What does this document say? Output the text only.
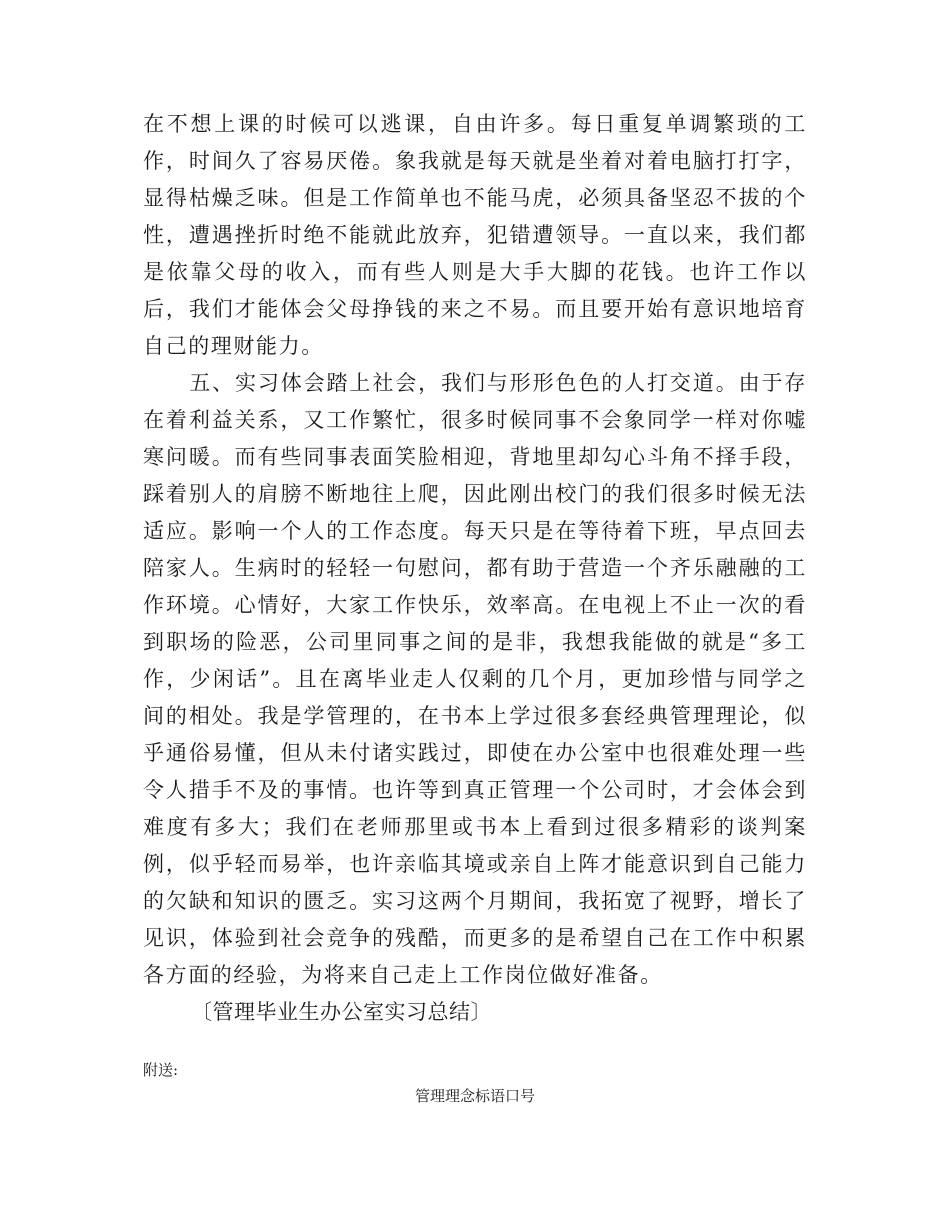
在不想上课的时候可以逃课，自由许多。每日重复单调繁琐的工作，时间久了容易厌倦。象我就是每天就是坐着对着电脑打打字，显得枯燥乏味。但是工作简单也不能马虎，必须具备坚忍不拔的个性，遭遇挫折时绝不能就此放弃，犯错遭领导。一直以来，我们都是依靠父母的收入，而有些人则是大手大脚的花钱。也许工作以后，我们才能体会父母挣钱的来之不易。而且要开始有意识地培育自己的理财能力。

五、实习体会踏上社会，我们与形形色色的人打交道。由于存在着利益关系，又工作繁忙，很多时候同事不会象同学一样对你嘘寒问暖。而有些同事表面笑脸相迎，背地里却勾心斗角不择手段，踩着别人的肩膀不断地往上爬，因此刚出校门的我们很多时候无法适应。影响一个人的工作态度。每天只是在等待着下班，早点回去陪家人。生病时的轻轻一句慰问，都有助于营造一个齐乐融融的工作环境。心情好，大家工作快乐，效率高。在电视上不止一次的看到职场的险恶，公司里同事之间的是非，我想我能做的就是“多工作，少闲话”。且在离毕业走人仅剩的几个月，更加珍惜与同学之间的相处。我是学管理的，在书本上学过很多套经典管理理论，似乎通俗易懂，但从未付诸实践过，即使在办公室中也很难处理一些令人措手不及的事情。也许等到真正管理一个公司时，才会体会到难度有多大；我们在老师那里或书本上看到过很多精彩的谈判案例，似乎轻而易举，也许亲临其境或亲自上阵才能意识到自己能力的欠缺和知识的匮乏。实习这两个月期间，我拓宽了视野，增长了见识，体验到社会竞争的残酷，而更多的是希望自己在工作中积累各方面的经验，为将来自己走上工作岗位做好准备。

〔管理毕业生办公室实习总结〕

附送:
管理理念标语口号
